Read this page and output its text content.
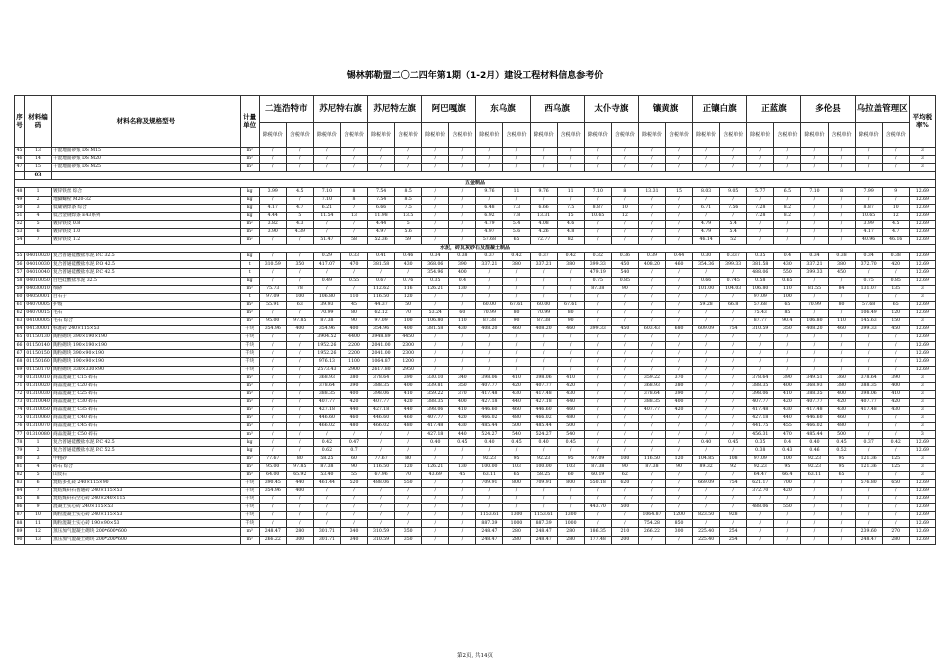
锡林郭勒盟二〇二四年第1期（1-2月）建设工程材料信息参考价
序号	材料编码	材料名称及规格型号	计量单位	二连浩特市		苏尼特右旗		苏尼特左旗		阿巴嘎旗		东乌旗		西乌旗		太仆寺旗		镶黄旗		正镶白旗		正蓝旗		多伦县		乌拉盖管理区		平均税率%
				除税单价	含税单价	除税单价	含税单价	除税单价	含税单价	除税单价	含税单价	除税单价	含税单价	除税单价	含税单价	除税单价	含税单价	除税单价	含税单价	除税单价	含税单价	除税单价	含税单价	除税单价	含税单价	除税单价	含税单价	
45	13	干混地面砂浆 DS M15	m³	/	/	/	/	/	/	/	/	/	/	/	/	/	/	/	/	/	/	/	/	/	/	/	/	3
46	14	干混地面砂浆 DS M20	m³	/	/	/	/	/	/	/	/	/	/	/	/	/	/	/	/	/	/	/	/	/	/	/	/	3
47	15	干混地面砂浆 DS M25	m³	/	/	/	/	/	/	/	/	/	/	/	/	/	/	/	/	/	/	/	/	/	/	/	/	3
	03																											
五金制品																												
48	1	镀锌铁丝 综合	kg	3.99	4.5	7.10	8	7.54	8.5	/	/	9.76	11	9.76	11	7.10	8	13.31	15	8.03	9.05	5.77	6.5	7.10	8	7.99	9	12.69
49	2	地脚螺栓 M20-32	kg	/	/	7.10	8	7.54	8.5	/	/	/	/	/	/	/	/	/	/	/	/	/	/	/	/	/	/	12.69
50	3	低碳钢焊条 综合	kg	4.17	4.7	6.21	7	6.66	7.5	/	/	6.48	7.3	6.66	7.5	8.87	10	/	/	6.71	7.56	7.28	8.2	/	/	8.87	10	12.69
51	4	低合金钢焊条 E43系列	kg	4.44	5	11.54	13	11.98	13.5	/	/	6.92	7.8	13.31	15	10.65	12	/	/	/	/	7.28	8.2	/	/	10.65	12	12.69
52	5	镀锌铁皮 0.8	m²	3.82	4.3	/	/	4.44	5	/	/	4.79	5.4	4.08	4.6	/	/	/	/	4.79	5.4	/	/	/	/	3.99	4.5	12.69
53	6	镀锌铁皮 1.0	m²	3.90	4.39	/	/	4.97	5.6	/	/	4.97	5.6	4.26	4.8	/	/	/	/	4.79	5.4	/	/	/	/	4.17	4.7	12.69
54	7	镀锌铁皮 1.2	m²	/	/	51.47	58	52.36	59	/	/	57.68	65	72.77	82	/	/	/	/	46.14	52	/	/	/	/	40.96	46.16	12.69
水泥，砖瓦灰砂石及混凝土制品																												
55	04010020	复合普通硅酸盐水泥 P.C 32.5	kg	/	/	0.29	0.33	0.41	0.46	0.34	0.38	0.37	0.42	0.37	0.42	0.32	0.36	0.39	0.44	0.30	0.337	0.35	0.4	0.34	0.38	0.34	0.38	12.69
56	04010030	复合普通硅酸盐水泥 P.O 42.5	t	310.59	350	417.07	470	381.58	430	368.06	390	337.21	380	337.21	380	399.33	450	408.20	460	354.36	399.33	381.58	430	337.21	380	372.70	420	12.69
57	04010040	复合普通硅酸盐水泥 P.C 42.5	t	/	/	/	/	/	/	354.96	400	/	/	/	/	479.19	540	/	/	/	/	488.06	550	399.33	450	/	/	12.69
58	04010050	白色硅酸盐水泥 32.5	kg	/	/	0.49	0.55	0.67	0.76	0.35	0.4	/	/	/	/	0.75	0.85	/	/	0.66	0.745	0.58	0.65	/	/	0.75	0.85	12.69
59	04030010	细砂	m³	75.73	78	/	/	112.62	116	126.21	130	/	/	/	/	87.38	90	/	/	101.00	104.03	106.80	110	81.55	84	131.07	135	3
60	04050001	白石子	t	97.09	100	106.80	110	116.50	120	/	/	/	/	/	/	/	/	/	/	/	/	97.09	100	/	/	/	/	3
61	04070005	护坡	m³	55.91	63	39.93	45	44.37	50	/	/	60.00	67.61	60.00	67.61	/	/	/	/	59.28	66.8	57.68	65	70.99	80	57.68	65	12.69
62	04070015	毛石	m³	/	/	70.99	80	62.12	70	53.24	60	70.99	80	70.99	80	/	/	/	/	/	/	75.43	85	/	/	106.49	120	12.69
63	04100005	毛石 综合	m³	95.00	97.85	87.38	90	97.09	100	106.80	110	87.38	90	87.38	90	/	/	/	/	/	/	87.77	90.4	106.80	110	145.63	150	3
64	04130001	标准砖 240×115×53	千块	354.96	400	354.96	400	354.96	400	381.58	430	408.20	460	408.20	460	399.33	450	603.43	680	609.09	754	310.59	350	408.20	460	399.33	450	12.69
65	01150130	陶粒砌块 390×190×190	千块	/	/	3904.52	4400	3948.89	4450	/	/	/	/	/	/	/	/	/	/	/	/	/	/	/	/	/	/	12.69
66	01150140	陶粒砌块 190×190×190	千块	/	/	1952.26	2200	2041.00	2300	/	/	/	/	/	/	/	/	/	/	/	/	/	/	/	/	/	/	12.69
67	01150150	陶粒砌块 390×90×190	千块	/	/	1952.26	2200	2041.00	2300	/	/	/	/	/	/	/	/	/	/	/	/	/	/	/	/	/	/	12.69
68	01150160	陶粒砌块 190×90×190	千块	/	/	976.13	1100	1064.87	1200	/	/	/	/	/	/	/	/	/	/	/	/	/	/	/	/	/	/	12.69
69	01150170	陶粒砌块 330×330×90	千块	/	/	2573.43	2900	2617.80	2950	/	/	/	/	/	/	/	/	/	/	/	/	/	/	/	/	/	/	12.69
70	01310010	商品混凝土 C15 碎石	m³	/	/	368.93	380	378.64	390	330.10	340	398.06	410	398.06	410	/	/	359.22	370	/	/	378.64	390	349.51	360	378.64	390	3
71	01310020	商品混凝土 C20 碎石	m³	/	/	378.64	390	388.35	400	339.81	350	407.77	420	407.77	420	/	/	368.93	380	/	/	388.35	400	368.93	380	388.35	400	3
72	01310030	商品混凝土 C25 碎石	m³	/	/	388.35	400	398.06	410	359.22	370	417.48	430	417.48	430	/	/	378.64	390	/	/	398.06	410	388.35	400	398.06	410	3
73	01310040	商品混凝土 C30 碎石	m³	/	/	407.77	420	407.77	420	388.35	400	427.18	440	427.18	440	/	/	388.35	400	/	/	407.77	420	407.77	420	407.77	420	3
74	01310050	商品混凝土 C35 碎石	m³	/	/	427.18	440	427.18	440	398.06	410	446.60	460	446.60	460	/	/	407.77	420	/	/	417.48	430	417.48	430	417.48	430	3
75	01310060	商品混凝土 C40 碎石	m³	/	/	446.60	460	446.60	460	407.77	420	466.02	480	466.02	480	/	/	/	/	/	/	427.18	440	446.60	460	/	/	3
76	01310070	商品混凝土 C45 碎石	m³	/	/	466.02	480	466.02	480	417.48	430	485.44	500	485.44	500	/	/	/	/	/	/	441.75	455	466.02	480	/	/	3
77	01310080	商品混凝土 C50 碎石	m³	/	/	/	/	/	/	427.18	440	524.27	540	524.27	540	/	/	/	/	/	/	456.31	470	485.44	500	/	/	3
78	1	复合普通硅酸盐水泥 P.C 42.5	kg	/	/	0.42	0.47	/	/	0.40	0.45	0.40	0.45	0.40	0.45	/	/	/	/	0.40	0.45	0.35	0.4	0.40	0.45	0.37	0.42	12.69
79	2	复合普通硅酸盐水泥 P.C 52.5	kg	/	/	0.62	0.7	/	/	/	/	/	/	/	/	/	/	/	/	/	/	0.38	0.43	0.46	0.52	/	/	12.69
80	3	中粗砂	m³	77.67	80	58.25	60	77.67	80	/	/	92.23	95	92.23	95	97.09	100	116.50	120	104.85	108	97.09	100	92.23	95	121.36	125	3
81	4	碎石 综合	m³	95.00	97.85	87.38	90	116.50	120	126.21	130	100.00	103	100.00	103	87.38	90	87.38	90	89.32	92	92.23	95	92.23	95	121.36	125	3
82	5	山皮石	m³	64.00	65.92	53.40	55	67.96	70	43.69	45	63.11	65	58.25	60	60.19	62	/	/	/	/	64.47	66.4	63.11	65	/	/	3
83	6	烧结多孔砖 240×115×90	千块	390.45	440	461.44	520	488.06	550	/	/	709.91	800	709.91	800	550.18	620	/	/	669.09	754	621.17	700	/	/	576.80	650	12.69
84	7	烧结煤矸石普通砖 240×115×53	千块	354.96	400	/	/	/	/	/	/	/	/	/	/	/	/	/	/	/	/	372.70	420	/	/	/	/	12.69
85	8	烧结煤矸石空心砖 240×240×115	千块	/	/	/	/	/	/	/	/	/	/	/	/	/	/	/	/	/	/	/	/	/	/	/	/	12.69
86	9	混凝土实心砖 240×115×53	千块	/	/	/	/	/	/	/	/	/	/	/	/	443.70	500	/	/	/	/	488.06	550	/	/	/	/	12.69
87	10	陶粒混凝土实心砖 240×115×53	千块	/	/	/	/	/	/	/	/	1153.61	1300	1153.61	1300	/	/	1064.87	1200	823.50	928	/	/	/	/	/	/	12.69
88	11	陶粒混凝土实心砖 190×90×53	千块	/	/	/	/	/	/	/	/	887.39	1000	887.39	1000	/	/	754.28	850	/	/	/	/	/	/	/	/	12.69
89	12	蒸压加气混凝土砌块 200*600*600	m³	248.47	280	301.71	340	310.59	350	/	/	248.47	280	248.47	280	186.35	210	266.22	300	225.40	254	/	/	/	/	239.60	270	12.69
90	13	蒸压加气混凝土砌块 200*200*600	m³	266.22	300	301.71	340	310.59	350	/	/	248.47	280	248.47	280	177.48	200	/	/	225.40	254	/	/	/	/	248.47	280	12.69
第2页, 共14页
